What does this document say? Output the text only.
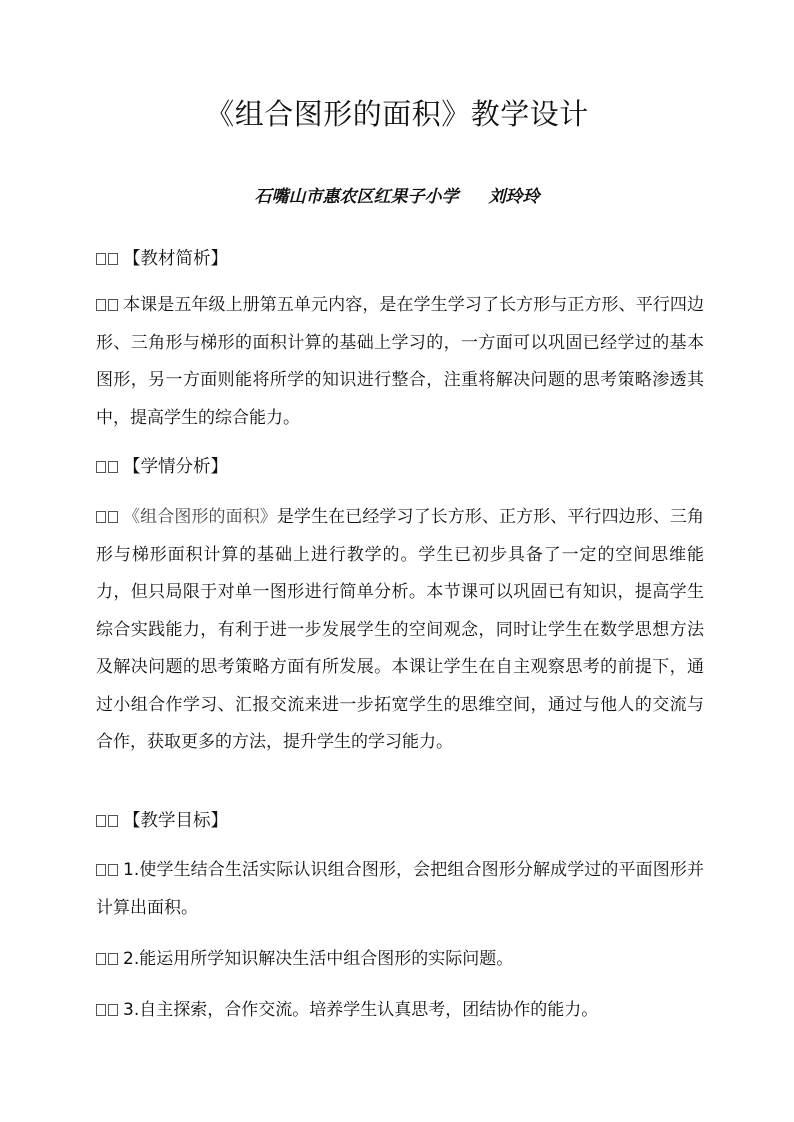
《组合图形的面积》教学设计
石嘴山市惠农区红果子小学 刘玲玲
【教材简析】
本课是五年级上册第五单元内容，是在学生学习了长方形与正方形、平行四边形、三角形与梯形的面积计算的基础上学习的，一方面可以巩固已经学过的基本图形，另一方面则能将所学的知识进行整合，注重将解决问题的思考策略渗透其中，提高学生的综合能力。
【学情分析】
《组合图形的面积》是学生在已经学习了长方形、正方形、平行四边形、三角形与梯形面积计算的基础上进行教学的。学生已初步具备了一定的空间思维能力，但只局限于对单一图形进行简单分析。本节课可以巩固已有知识，提高学生综合实践能力，有利于进一步发展学生的空间观念，同时让学生在数学思想方法及解决问题的思考策略方面有所发展。本课让学生在自主观察思考的前提下，通过小组合作学习、汇报交流来进一步拓宽学生的思维空间，通过与他人的交流与合作，获取更多的方法，提升学生的学习能力。
【教学目标】
1.使学生结合生活实际认识组合图形，会把组合图形分解成学过的平面图形并计算出面积。
2.能运用所学知识解决生活中组合图形的实际问题。
3.自主探索，合作交流。培养学生认真思考，团结协作的能力。
